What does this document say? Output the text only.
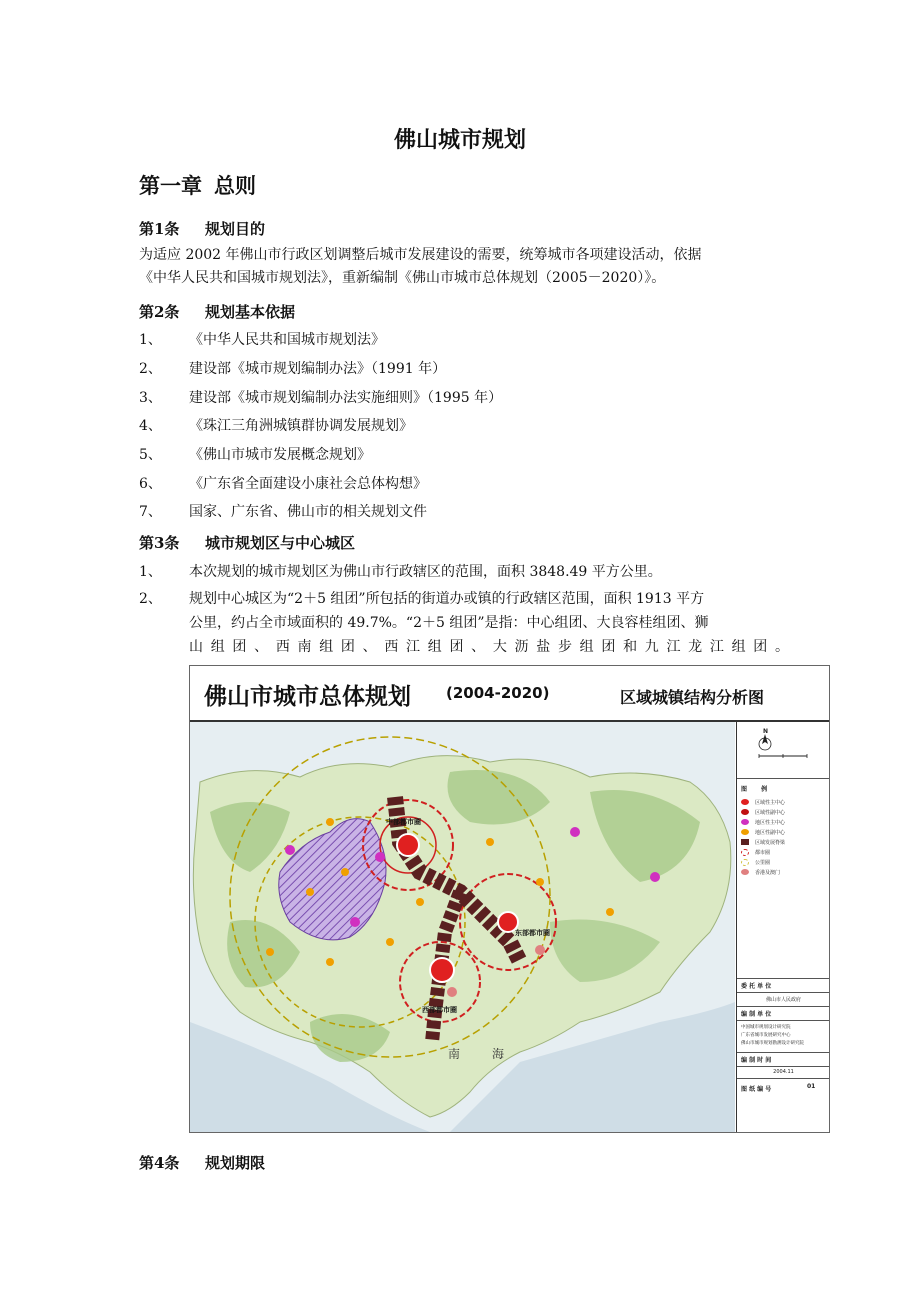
佛山城市规划
第一章 总则
第1条 规划目的
为适应 2002 年佛山市行政区划调整后城市发展建设的需要，统筹城市各项建设活动，依据
《中华人民共和国城市规划法》，重新编制《佛山市城市总体规划（2005－2020）》。
第2条 规划基本依据
1、 《中华人民共和国城市规划法》
2、 建设部《城市规划编制办法》（1991 年）
3、 建设部《城市规划编制办法实施细则》（1995 年）
4、 《珠江三角洲城镇群协调发展规划》
5、 《佛山市城市发展概念规划》
6、 《广东省全面建设小康社会总体构想》
7、 国家、广东省、佛山市的相关规划文件
第3条 城市规划区与中心城区
1、 本次规划的城市规划区为佛山市行政辖区的范围，面积 3848.49 平方公里。
2、 规划中心城区为“2＋5 组团”所包括的街道办或镇的行政辖区范围，面积 1913 平方
公里，约占全市域面积的 49.7%。“2＋5 组团”是指：中心组团、大良容桂组团、狮
山组团、西南组团、西江组团、大沥盐步组团和九江龙江组团。
佛山市城市总体规划 (2004-2020)	区域城镇结构分析图
中部都市圈
东部都市圈
西部都市圈
南	海
N
图 例
区域性主中心
区域性副中心
地区性主中心
地区性副中心
区域发展脊梁
都市圈
公里圈
香港及澳门
委 托 单 位
佛山市人民政府
编 制 单 位
中国城市规划设计研究院
广东省城市发展研究中心
佛山市城市规划勘测设计研究院
编 制 时 间
2004.11
图 纸 编 号	01
第4条 规划期限
